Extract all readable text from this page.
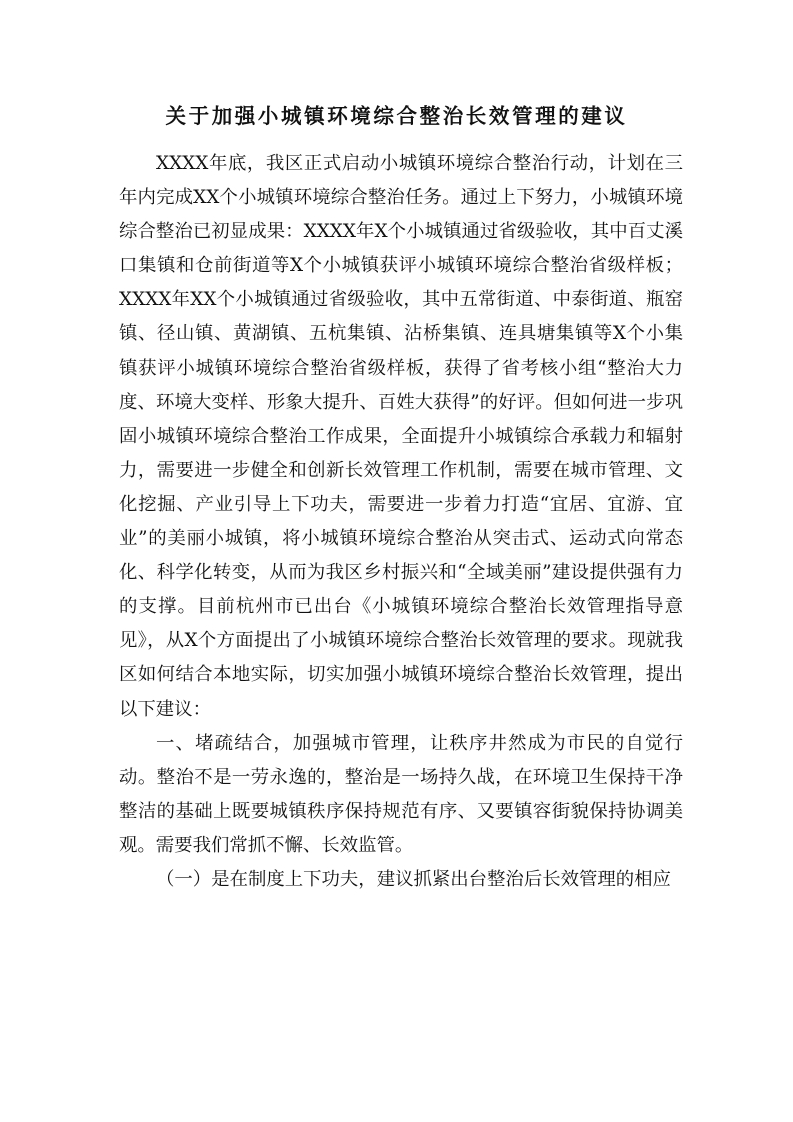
关于加强小城镇环境综合整治长效管理的建议

XXXX年底，我区正式启动小城镇环境综合整治行动，计划在三年内完成XX个小城镇环境综合整治任务。通过上下努力，小城镇环境综合整治已初显成果：XXXX年X个小城镇通过省级验收，其中百丈溪口集镇和仓前街道等X个小城镇获评小城镇环境综合整治省级样板；XXXX年XX个小城镇通过省级验收，其中五常街道、中泰街道、瓶窑镇、径山镇、黄湖镇、五杭集镇、沾桥集镇、连具塘集镇等X个小集镇获评小城镇环境综合整治省级样板，获得了省考核小组“整治大力度、环境大变样、形象大提升、百姓大获得”的好评。但如何进一步巩固小城镇环境综合整治工作成果，全面提升小城镇综合承载力和辐射力，需要进一步健全和创新长效管理工作机制，需要在城市管理、文化挖掘、产业引导上下功夫，需要进一步着力打造“宜居、宜游、宜业”的美丽小城镇，将小城镇环境综合整治从突击式、运动式向常态化、科学化转变，从而为我区乡村振兴和“全域美丽”建设提供强有力的支撑。目前杭州市已出台《小城镇环境综合整治长效管理指导意见》，从X个方面提出了小城镇环境综合整治长效管理的要求。现就我区如何结合本地实际，切实加强小城镇环境综合整治长效管理，提出以下建议：

一、堵疏结合，加强城市管理，让秩序井然成为市民的自觉行动。整治不是一劳永逸的，整治是一场持久战，在环境卫生保持干净整洁的基础上既要城镇秩序保持规范有序、又要镇容街貌保持协调美观。需要我们常抓不懈、长效监管。

（一）是在制度上下功夫，建议抓紧出台整治后长效管理的相应
